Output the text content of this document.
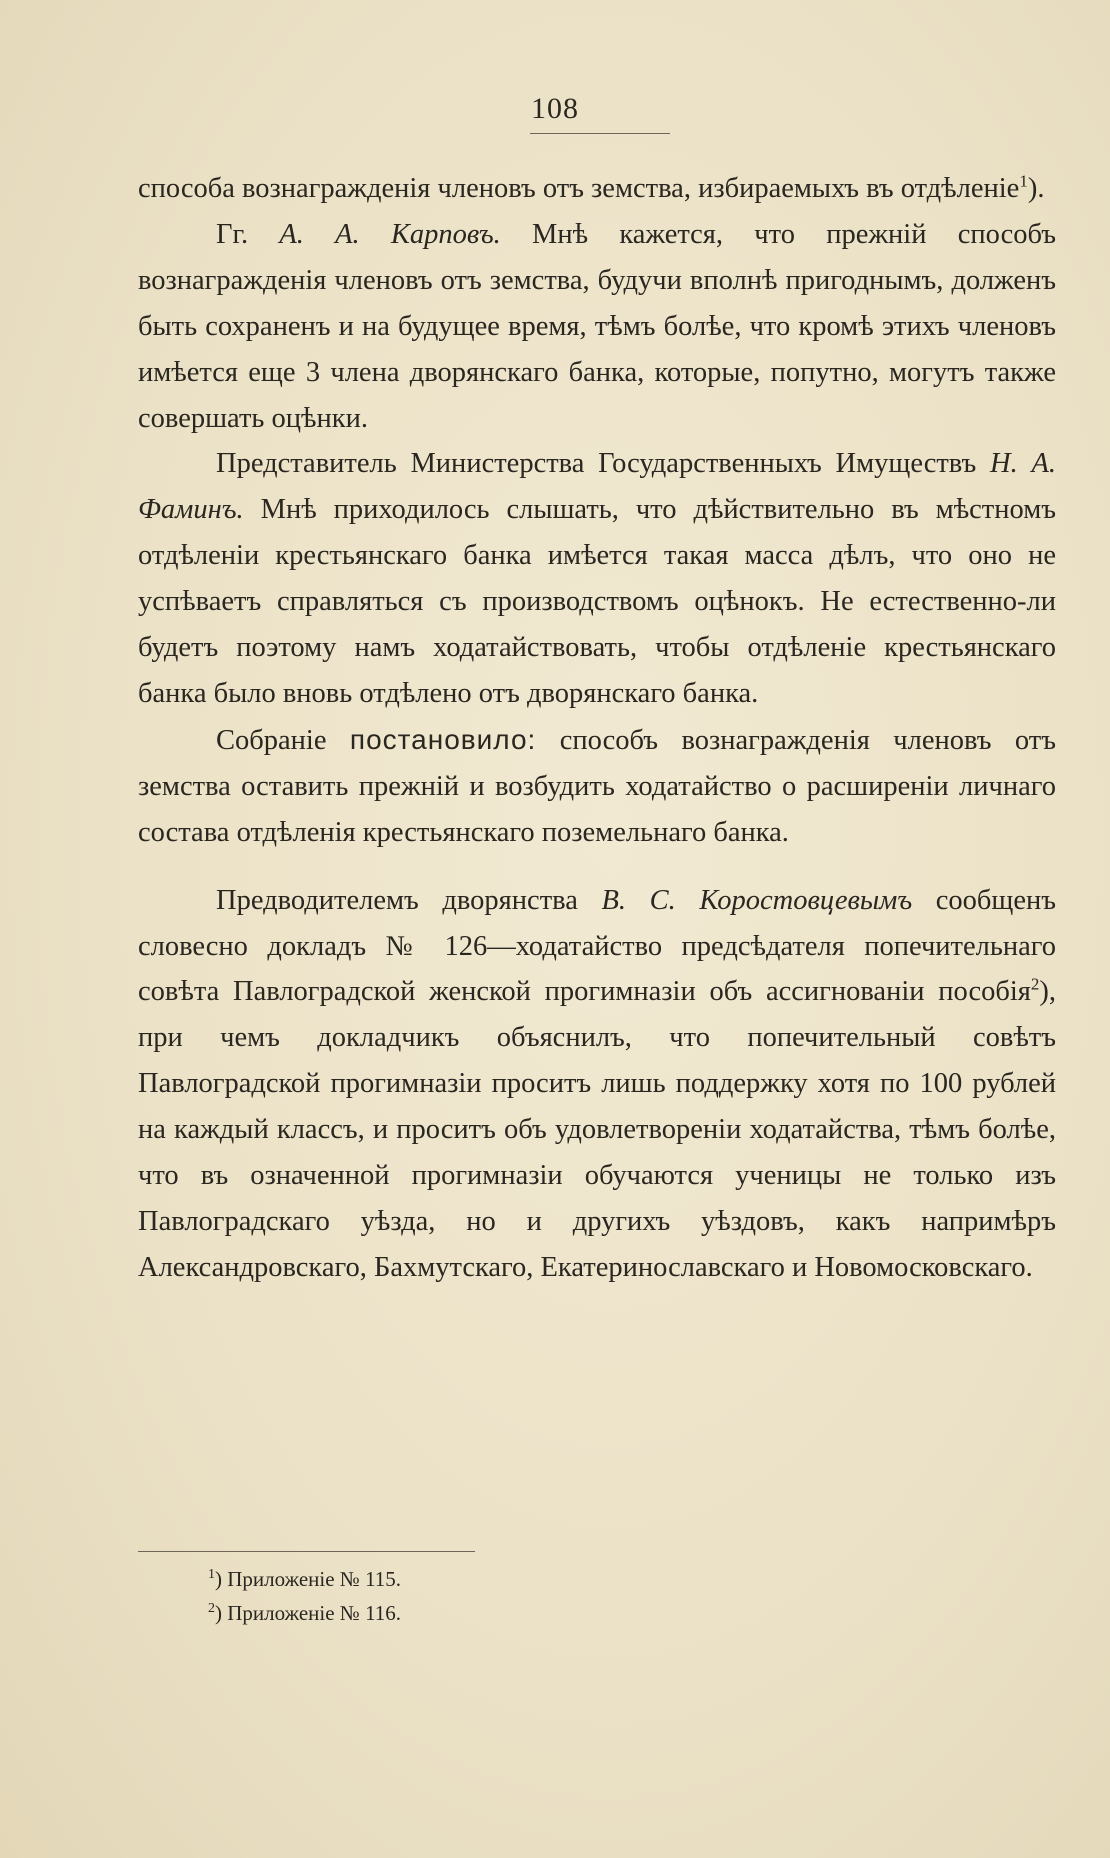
108

способа вознагражденія членовъ отъ земства, избираемыхъ въ отдѣленіе$^1$).

Гг. А. А. Карповъ. Мнѣ кажется, что прежній способъ вознагражденія членовъ отъ земства, будучи вполнѣ пригоднымъ, долженъ быть сохраненъ и на будущее время, тѣмъ болѣе, что кромѣ этихъ членовъ имѣется еще 3 члена дворянскаго банка, которые, попутно, могутъ также совершать оцѣнки.

Представитель Министерства Государственныхъ Имуществъ Н. А. Фаминъ. Мнѣ приходилось слышать, что дѣйствительно въ мѣстномъ отдѣленіи крестьянскаго банка имѣется такая масса дѣлъ, что оно не успѣваетъ справляться съ производствомъ оцѣнокъ. Не естественно-ли будетъ поэтому намъ ходатайствовать, чтобы отдѣленіе крестьянскаго банка было вновь отдѣлено отъ дворянскаго банка.

Собраніе постановило: способъ вознагражденія членовъ отъ земства оставить прежній и возбудить ходатайство о расширеніи личнаго состава отдѣленія крестьянскаго поземельнаго банка.

Предводителемъ дворянства В. С. Коростовцевымъ сообщенъ словесно докладъ № 126—ходатайство предсѣдателя попечительнаго совѣта Павлоградской женской прогимназіи объ ассигнованіи пособія$^2$), при чемъ докладчикъ объяснилъ, что попечительный совѣтъ Павлоградской прогимназіи проситъ лишь поддержку хотя по 100 рублей на каждый классъ, и проситъ объ удовлетвореніи ходатайства, тѣмъ болѣе, что въ означенной прогимназіи обучаются ученицы не только изъ Павлоградскаго уѣзда, но и другихъ уѣздовъ, какъ напримѣръ Александровскаго, Бахмутскаго, Екатеринославскаго и Новомосковскаго.

$^1$) Приложеніе № 115.

$^2$) Приложеніе № 116.
